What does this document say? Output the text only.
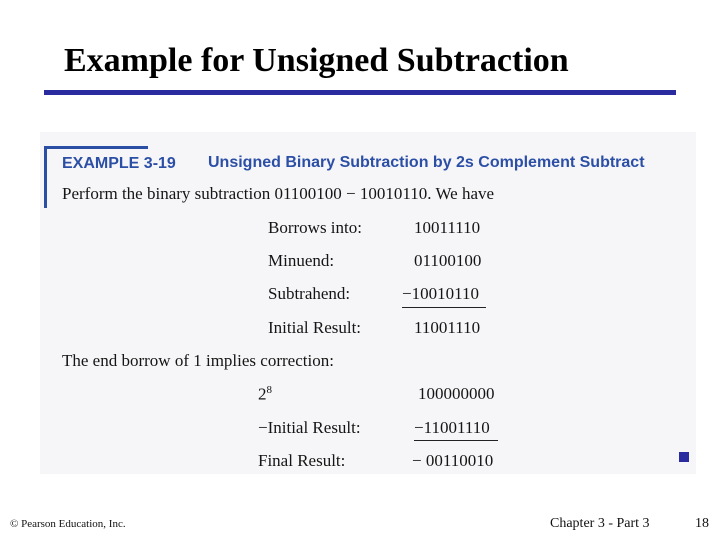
Example for Unsigned Subtraction
EXAMPLE 3-19 Unsigned Binary Subtraction by 2s Complement Subtract
Perform the binary subtraction 01100100 − 10010110. We have
Borrows into:	10011110
Minuend:	01100100
Subtrahend:	−10010110
Initial Result:	11001110
The end borrow of 1 implies correction:
$2^8$	100000000
−Initial Result:	−11001110
Final Result:	− 00110010
© Pearson Education, Inc.	Chapter 3 - Part 3	18
